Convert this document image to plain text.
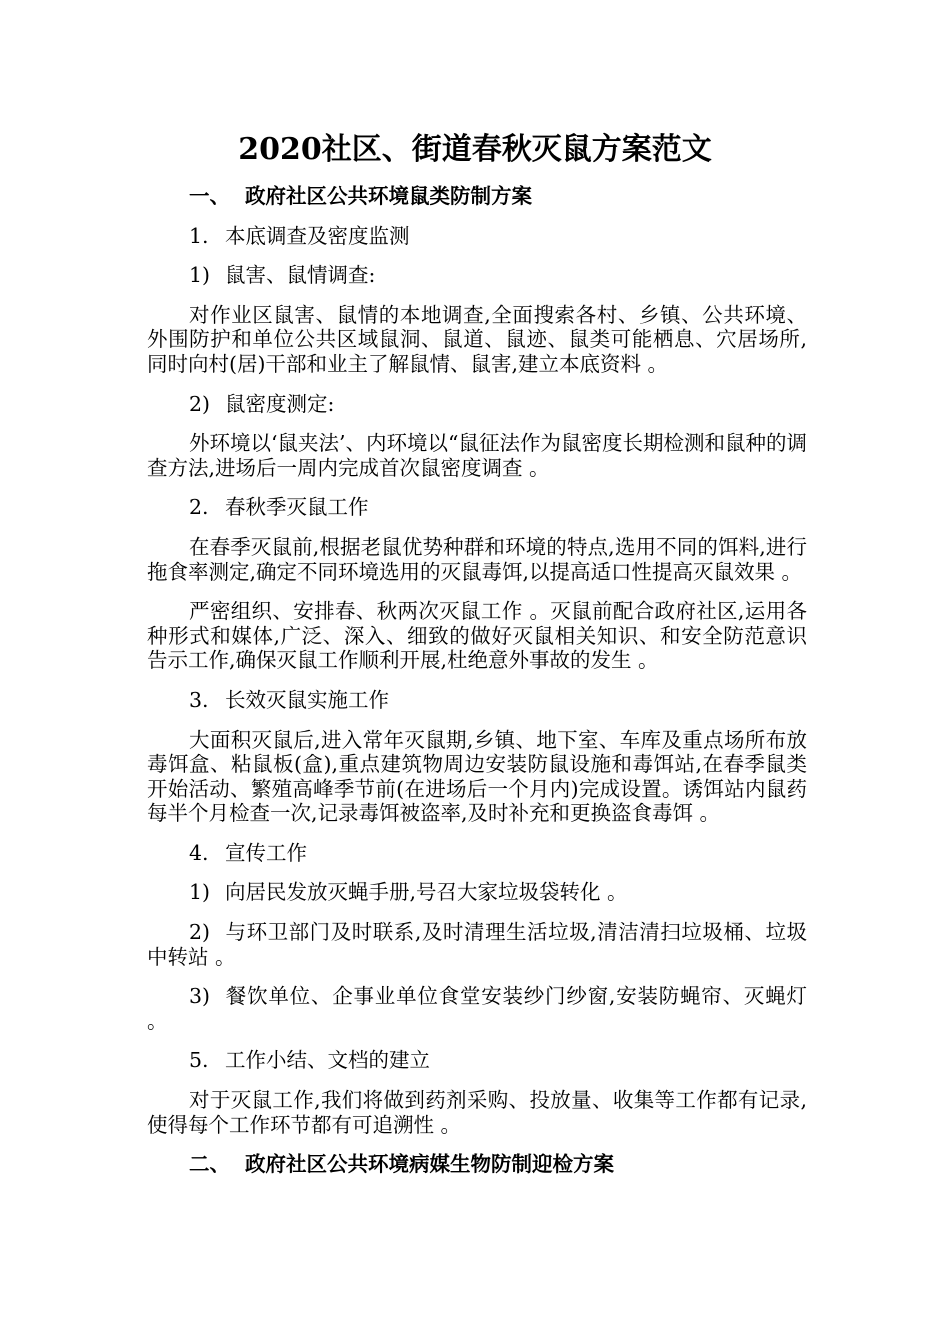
2020社区、街道春秋灭鼠方案范文

一、 政府社区公共环境鼠类防制方案

1. 本底调查及密度监测

1) 鼠害、鼠情调查:

对作业区鼠害、鼠情的本地调查,全面搜索各村、乡镇、公共环境、外围防护和单位公共区域鼠洞、鼠道、鼠迹、鼠类可能栖息、穴居场所,同时向村(居)干部和业主了解鼠情、鼠害,建立本底资料 。

2) 鼠密度测定:

外环境以‘鼠夹法’、内环境以“鼠征法作为鼠密度长期检测和鼠种的调查方法,进场后一周内完成首次鼠密度调查 。

2. 春秋季灭鼠工作

在春季灭鼠前,根据老鼠优势种群和环境的特点,选用不同的饵料,进行拖食率测定,确定不同环境选用的灭鼠毒饵,以提高适口性提高灭鼠效果 。

严密组织、安排春、秋两次灭鼠工作 。灭鼠前配合政府社区,运用各种形式和媒体,广泛、深入、细致的做好灭鼠相关知识、和安全防范意识告示工作,确保灭鼠工作顺利开展,杜绝意外事故的发生 。

3. 长效灭鼠实施工作

大面积灭鼠后,进入常年灭鼠期,乡镇、地下室、车库及重点场所布放毒饵盒、粘鼠板(盒),重点建筑物周边安装防鼠设施和毒饵站,在春季鼠类开始活动、繁殖高峰季节前(在进场后一个月内)完成设置。诱饵站内鼠药每半个月检查一次,记录毒饵被盗率,及时补充和更换盗食毒饵 。

4. 宣传工作

1) 向居民发放灭蝇手册,号召大家垃圾袋转化 。

2) 与环卫部门及时联系,及时清理生活垃圾,清洁清扫垃圾桶、垃圾中转站 。

3) 餐饮单位、企事业单位食堂安装纱门纱窗,安装防蝇帘、灭蝇灯 。

5. 工作小结、文档的建立

对于灭鼠工作,我们将做到药剂采购、投放量、收集等工作都有记录,使得每个工作环节都有可追溯性 。

二、 政府社区公共环境病媒生物防制迎检方案
